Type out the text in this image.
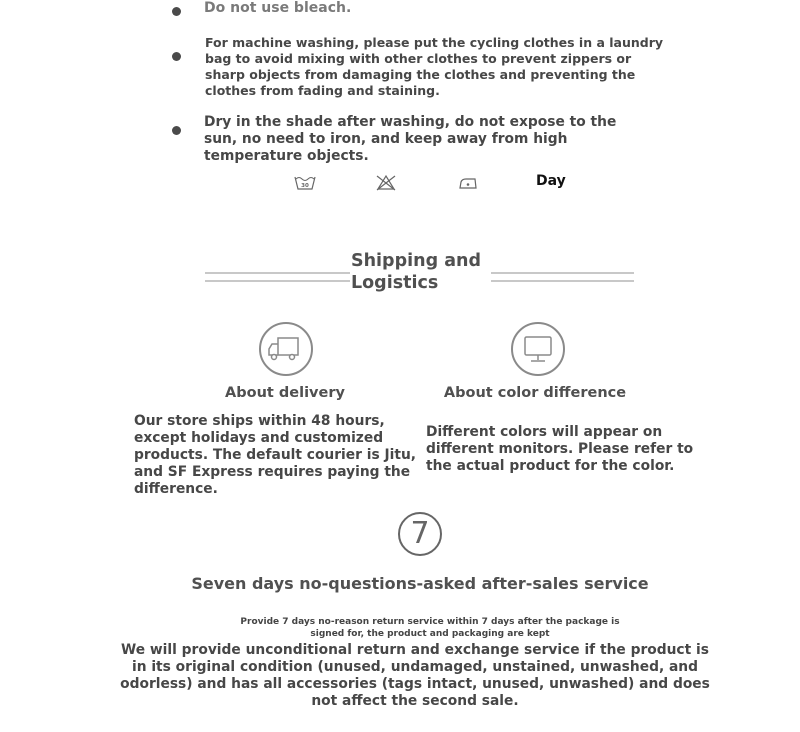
Do not use bleach.
For machine washing, please put the cycling clothes in a laundry bag to avoid mixing with other clothes to prevent zippers or sharp objects from damaging the clothes and preventing the clothes from fading and staining.
Dry in the shade after washing, do not expose to the sun, no need to iron, and keep away from high temperature objects.
30	Day
Shipping and
Logistics
About delivery
Our store ships within 48 hours, except holidays and customized products. The default courier is Jitu, and SF Express requires paying the difference.
About color difference
Different colors will appear on different monitors. Please refer to the actual product for the color.
7
Seven days no-questions-asked after-sales service
Provide 7 days no-reason return service within 7 days after the package is signed for, the product and packaging are kept
We will provide unconditional return and exchange service if the product is in its original condition (unused, undamaged, unstained, unwashed, and odorless) and has all accessories (tags intact, unused, unwashed) and does not affect the second sale.
